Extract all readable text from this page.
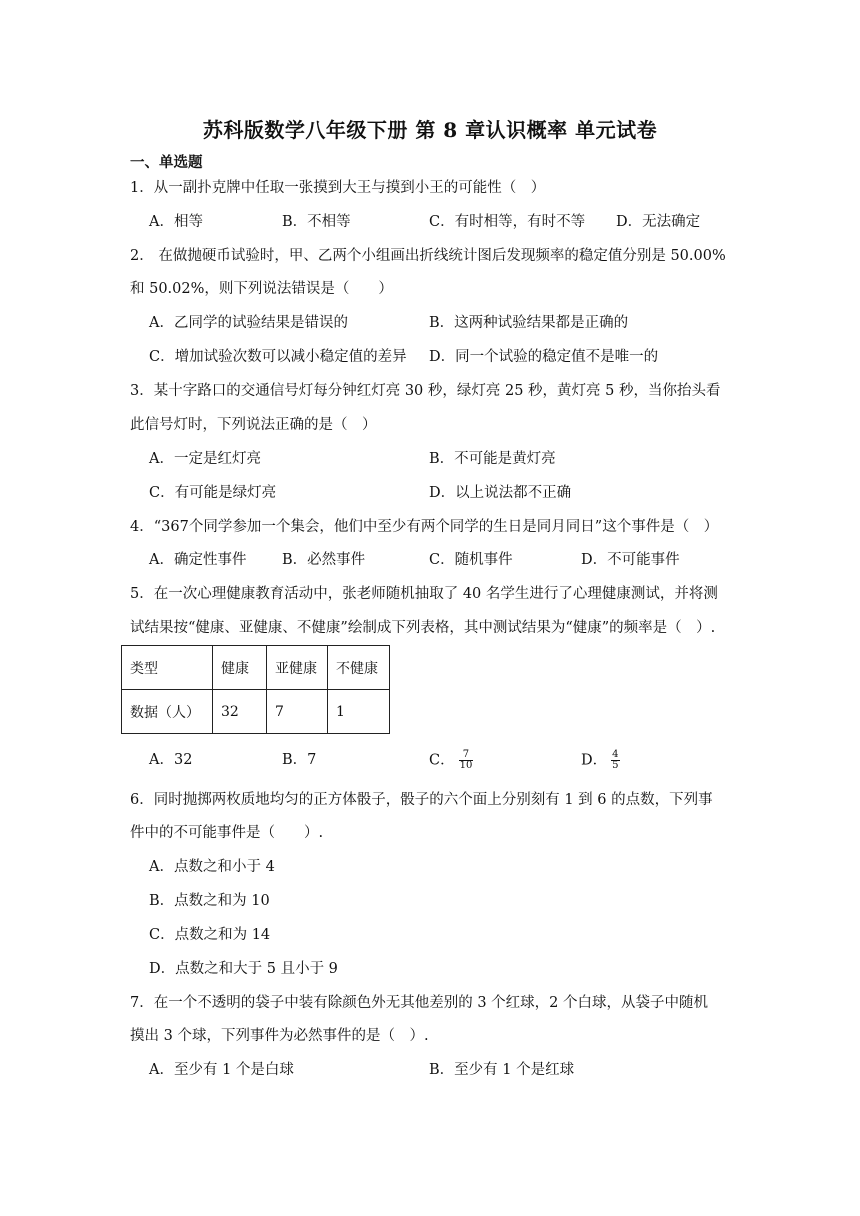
苏科版数学八年级下册 第 8 章认识概率 单元试卷
一、单选题
1．从一副扑克牌中任取一张摸到大王与摸到小王的可能性（　）
A．相等	B．不相等	C．有时相等，有时不等 D．无法确定
2． 在做抛硬币试验时，甲、乙两个小组画出折线统计图后发现频率的稳定值分别是 50.00%
和 50.02%，则下列说法错误是（　　）
A．乙同学的试验结果是错误的	B．这两种试验结果都是正确的
C．增加试验次数可以减小稳定值的差异 D．同一个试验的稳定值不是唯一的
3．某十字路口的交通信号灯每分钟红灯亮 30 秒，绿灯亮 25 秒，黄灯亮 5 秒，当你抬头看
此信号灯时，下列说法正确的是（　）
A．一定是红灯亮	B．不可能是黄灯亮
C．有可能是绿灯亮	D．以上说法都不正确
4．“367个同学参加一个集会，他们中至少有两个同学的生日是同月同日”这个事件是（　）
A．确定性事件 B．必然事件	C．随机事件	D．不可能事件
5．在一次心理健康教育活动中，张老师随机抽取了 40 名学生进行了心理健康测试，并将测
试结果按“健康、亚健康、不健康”绘制成下列表格，其中测试结果为“健康”的频率是（　）.
类型	健康	亚健康	不健康
数据（人）	32	7	1
A．32	B．7	C． $\frac{7}{10}$	D． $\frac{4}{5}$
6．同时抛掷两枚质地均匀的正方体骰子，骰子的六个面上分别刻有 1 到 6 的点数，下列事
件中的不可能事件是（　　）.
A．点数之和小于 4
B．点数之和为 10
C．点数之和为 14
D．点数之和大于 5 且小于 9
7．在一个不透明的袋子中装有除颜色外无其他差别的 3 个红球，2 个白球，从袋子中随机
摸出 3 个球，下列事件为必然事件的是（　）.
A．至少有 1 个是白球	B．至少有 1 个是红球
